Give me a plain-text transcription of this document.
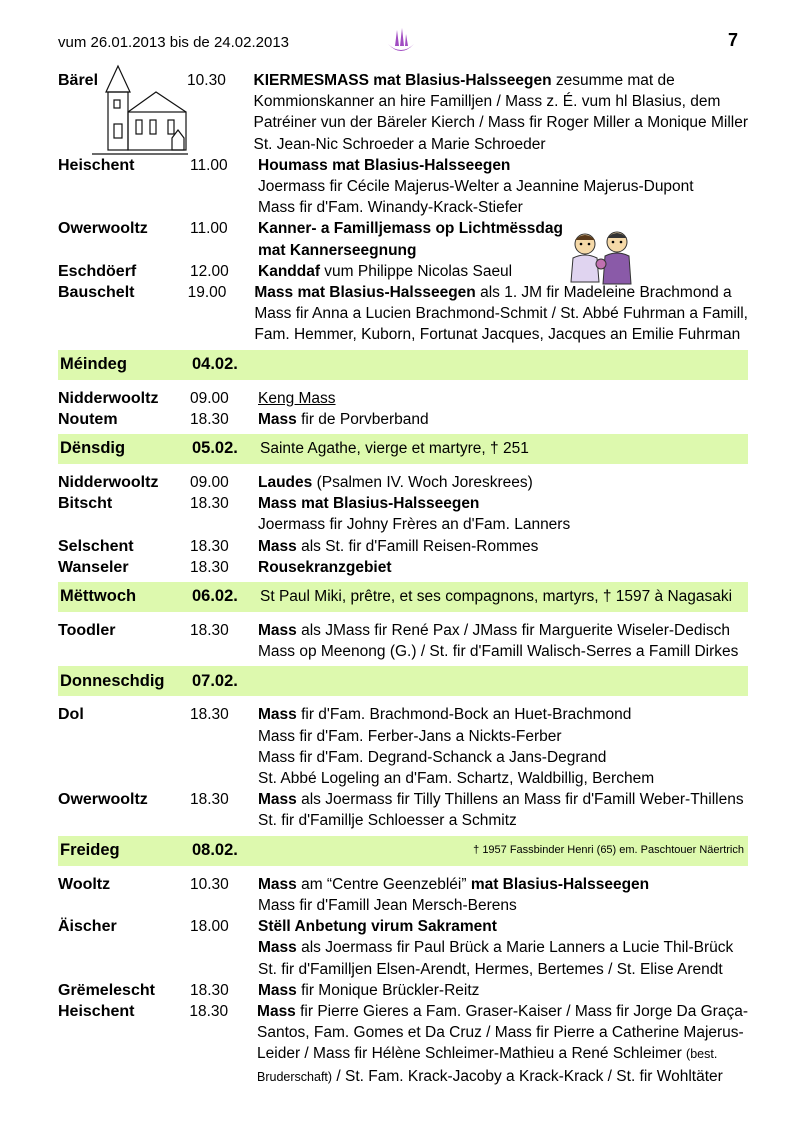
vum 26.01.2013 bis de 24.02.2013	7
Bärel	10.30	KIERMESMASS mat Blasius-Halsseegen zesumme mat de
Kommionskanner an hire Familljen / Mass z. É. vum hl Blasius, dem
Patréiner vun der Bäreler Kierch / Mass fir Roger Miller a Monique Miller
St. Jean-Nic Schroeder a Marie Schroeder
Heischent	11.00	Houmass mat Blasius-Halsseegen
Joermass fir Cécile Majerus-Welter a Jeannine Majerus-Dupont
Mass fir d'Fam. Winandy-Krack-Stiefer
Owerwooltz	11.00	Kanner- a Familljemass op Lichtmëssdag
mat Kannerseegnung
Eschdöerf	12.00	Kanddaf vum Philippe Nicolas Saeul
Bauschelt	19.00	Mass mat Blasius-Halsseegen als 1. JM fir Madeleine Brachmond a
Mass fir Anna a Lucien Brachmond-Schmit / St. Abbé Fuhrman a Famill,
Fam. Hemmer, Kuborn, Fortunat Jacques, Jacques an Emilie Fuhrman
Méindeg	04.02.
Nidderwooltz	09.00	Keng Mass
Noutem	18.30	Mass fir de Porvberband
Dënsdig	05.02.	Sainte Agathe, vierge et martyre, † 251
Nidderwooltz	09.00	Laudes (Psalmen IV. Woch Joreskrees)
Bitscht	18.30	Mass mat Blasius-Halsseegen
Joermass fir Johny Frères an d'Fam. Lanners
Selschent	18.30	Mass als St. fir d'Famill Reisen-Rommes
Wanseler	18.30	Rousekranzgebiet
Mëttwoch	06.02.	St Paul Miki, prêtre, et ses compagnons, martyrs, † 1597 à Nagasaki
Toodler	18.30	Mass als JMass fir René Pax / JMass fir Marguerite Wiseler-Dedisch
Mass op Meenong (G.) / St. fir d'Famill Walisch-Serres a Famill Dirkes
Donneschdig	07.02.
Dol	18.30	Mass fir d'Fam. Brachmond-Bock an Huet-Brachmond
Mass fir d'Fam. Ferber-Jans a Nickts-Ferber
Mass fir d'Fam. Degrand-Schanck a Jans-Degrand
St. Abbé Logeling an d'Fam. Schartz, Waldbillig, Berchem
Owerwooltz	18.30	Mass als Joermass fir Tilly Thillens an Mass fir d'Famill Weber-Thillens
St. fir d'Familljе Schloesser a Schmitz
Freideg	08.02.	† 1957 Fassbinder Henri (65) em. Paschtouer Näertrich
Wooltz	10.30	Mass am “Centre Geenzebléi” mat Blasius-Halsseegen
Mass fir d'Famill Jean Mersch-Berens
Äischer	18.00	Stëll Anbetung virum Sakrament
Mass als Joermass fir Paul Brück a Marie Lanners a Lucie Thil-Brück
St. fir d'Familljen Elsen-Arendt, Hermes, Bertemes / St. Elise Arendt
Grëmelescht	18.30	Mass fir Monique Brückler-Reitz
Heischent	18.30	Mass fir Pierre Gieres a Fam. Graser-Kaiser / Mass fir Jorge Da Graça-
Santos, Fam. Gomes et Da Cruz / Mass fir Pierre a Catherine Majerus-
Leider / Mass fir Hélène Schleimer-Mathieu a René Schleimer (best.
Bruderschaft) / St. Fam. Krack-Jacoby a Krack-Krack / St. fir Wohltäter
